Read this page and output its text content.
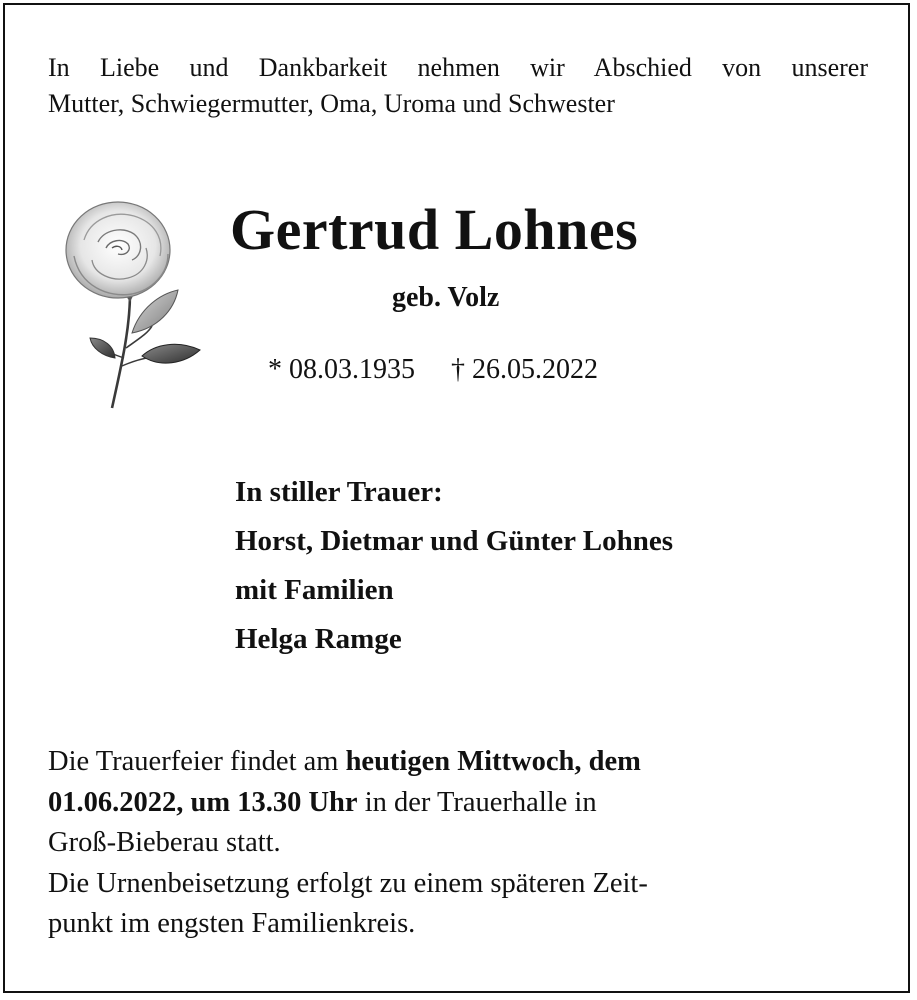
In Liebe und Dankbarkeit nehmen wir Abschied von unserer
Mutter, Schwiegermutter, Oma, Uroma und Schwester
Gertrud Lohnes
geb. Volz
* 08.03.1935 † 26.05.2022
In stiller Trauer:
Horst, Dietmar und Günter Lohnes
mit Familien
Helga Ramge
Die Trauerfeier findet am heutigen Mittwoch, dem
01.06.2022, um 13.30 Uhr in der Trauerhalle in
Groß-Bieberau statt.
Die Urnenbeisetzung erfolgt zu einem späteren Zeit-
punkt im engsten Familienkreis.
